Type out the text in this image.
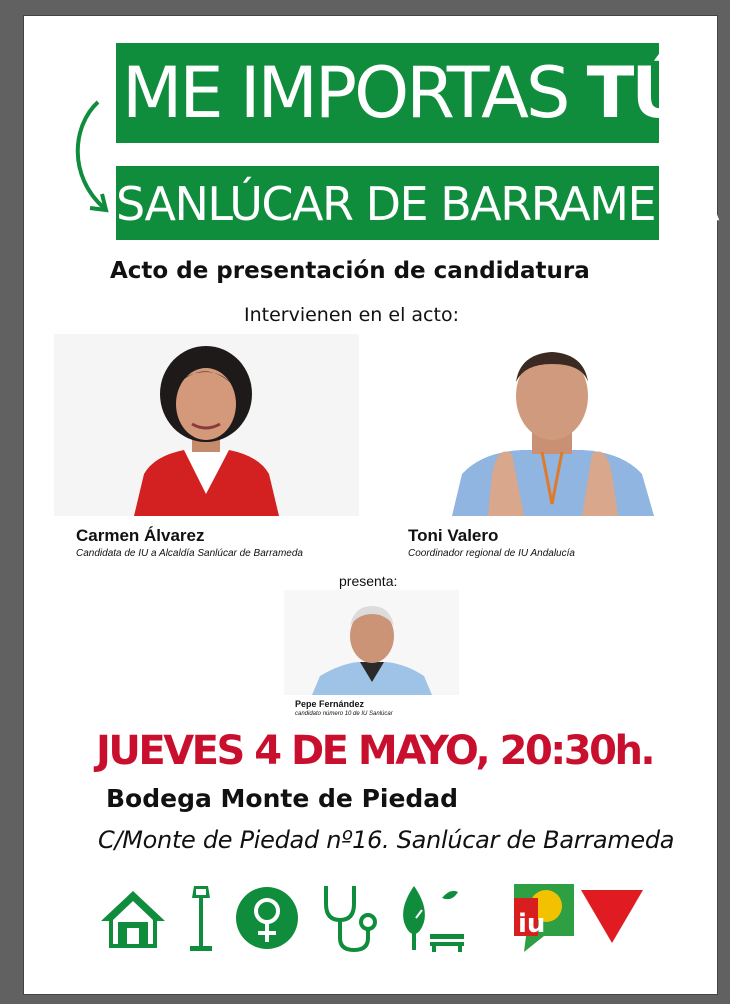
ME IMPORTAS TÚ
SANLÚCAR DE BARRAMEDA
Acto de presentación de candidatura
Intervienen en el acto:
Carmen Álvarez
Candidata de IU a Alcaldía Sanlúcar de Barrameda
Toni Valero
Coordinador regional de IU Andalucía
presenta:
Pepe Fernández
candidato número 10 de IU Sanlúcar
JUEVES 4 DE MAYO, 20:30h.
Bodega Monte de Piedad
C/Monte de Piedad nº16. Sanlúcar de Barrameda
iu
